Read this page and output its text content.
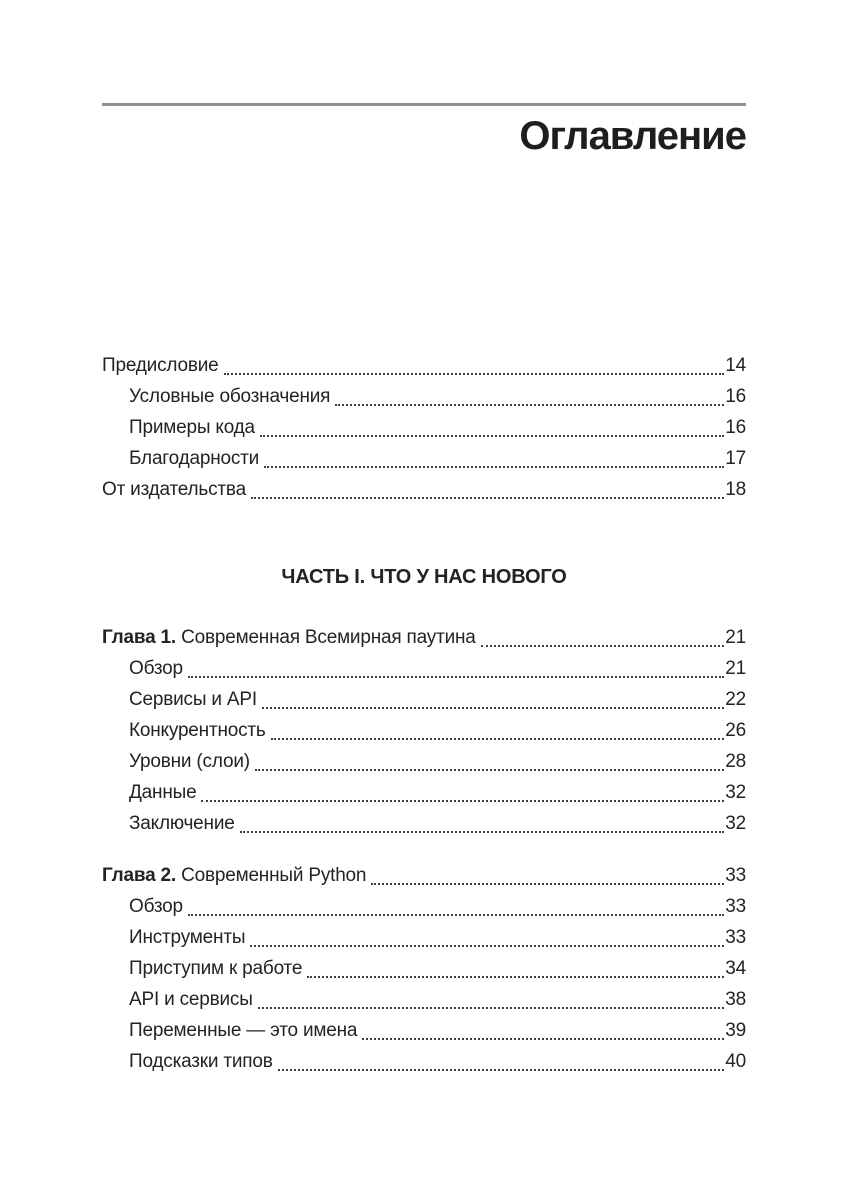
Оглавление
Предисловие	14
Условные обозначения	16
Примеры кода	16
Благодарности	17
От издательства	18
ЧАСТЬ I. ЧТО У НАС НОВОГО
Глава 1. Современная Всемирная паутина	21
Обзор	21
Сервисы и API	22
Конкурентность	26
Уровни (слои)	28
Данные	32
Заключение	32
Глава 2. Современный Python	33
Обзор	33
Инструменты	33
Приступим к работе	34
API и сервисы	38
Переменные — это имена	39
Подсказки типов	40
